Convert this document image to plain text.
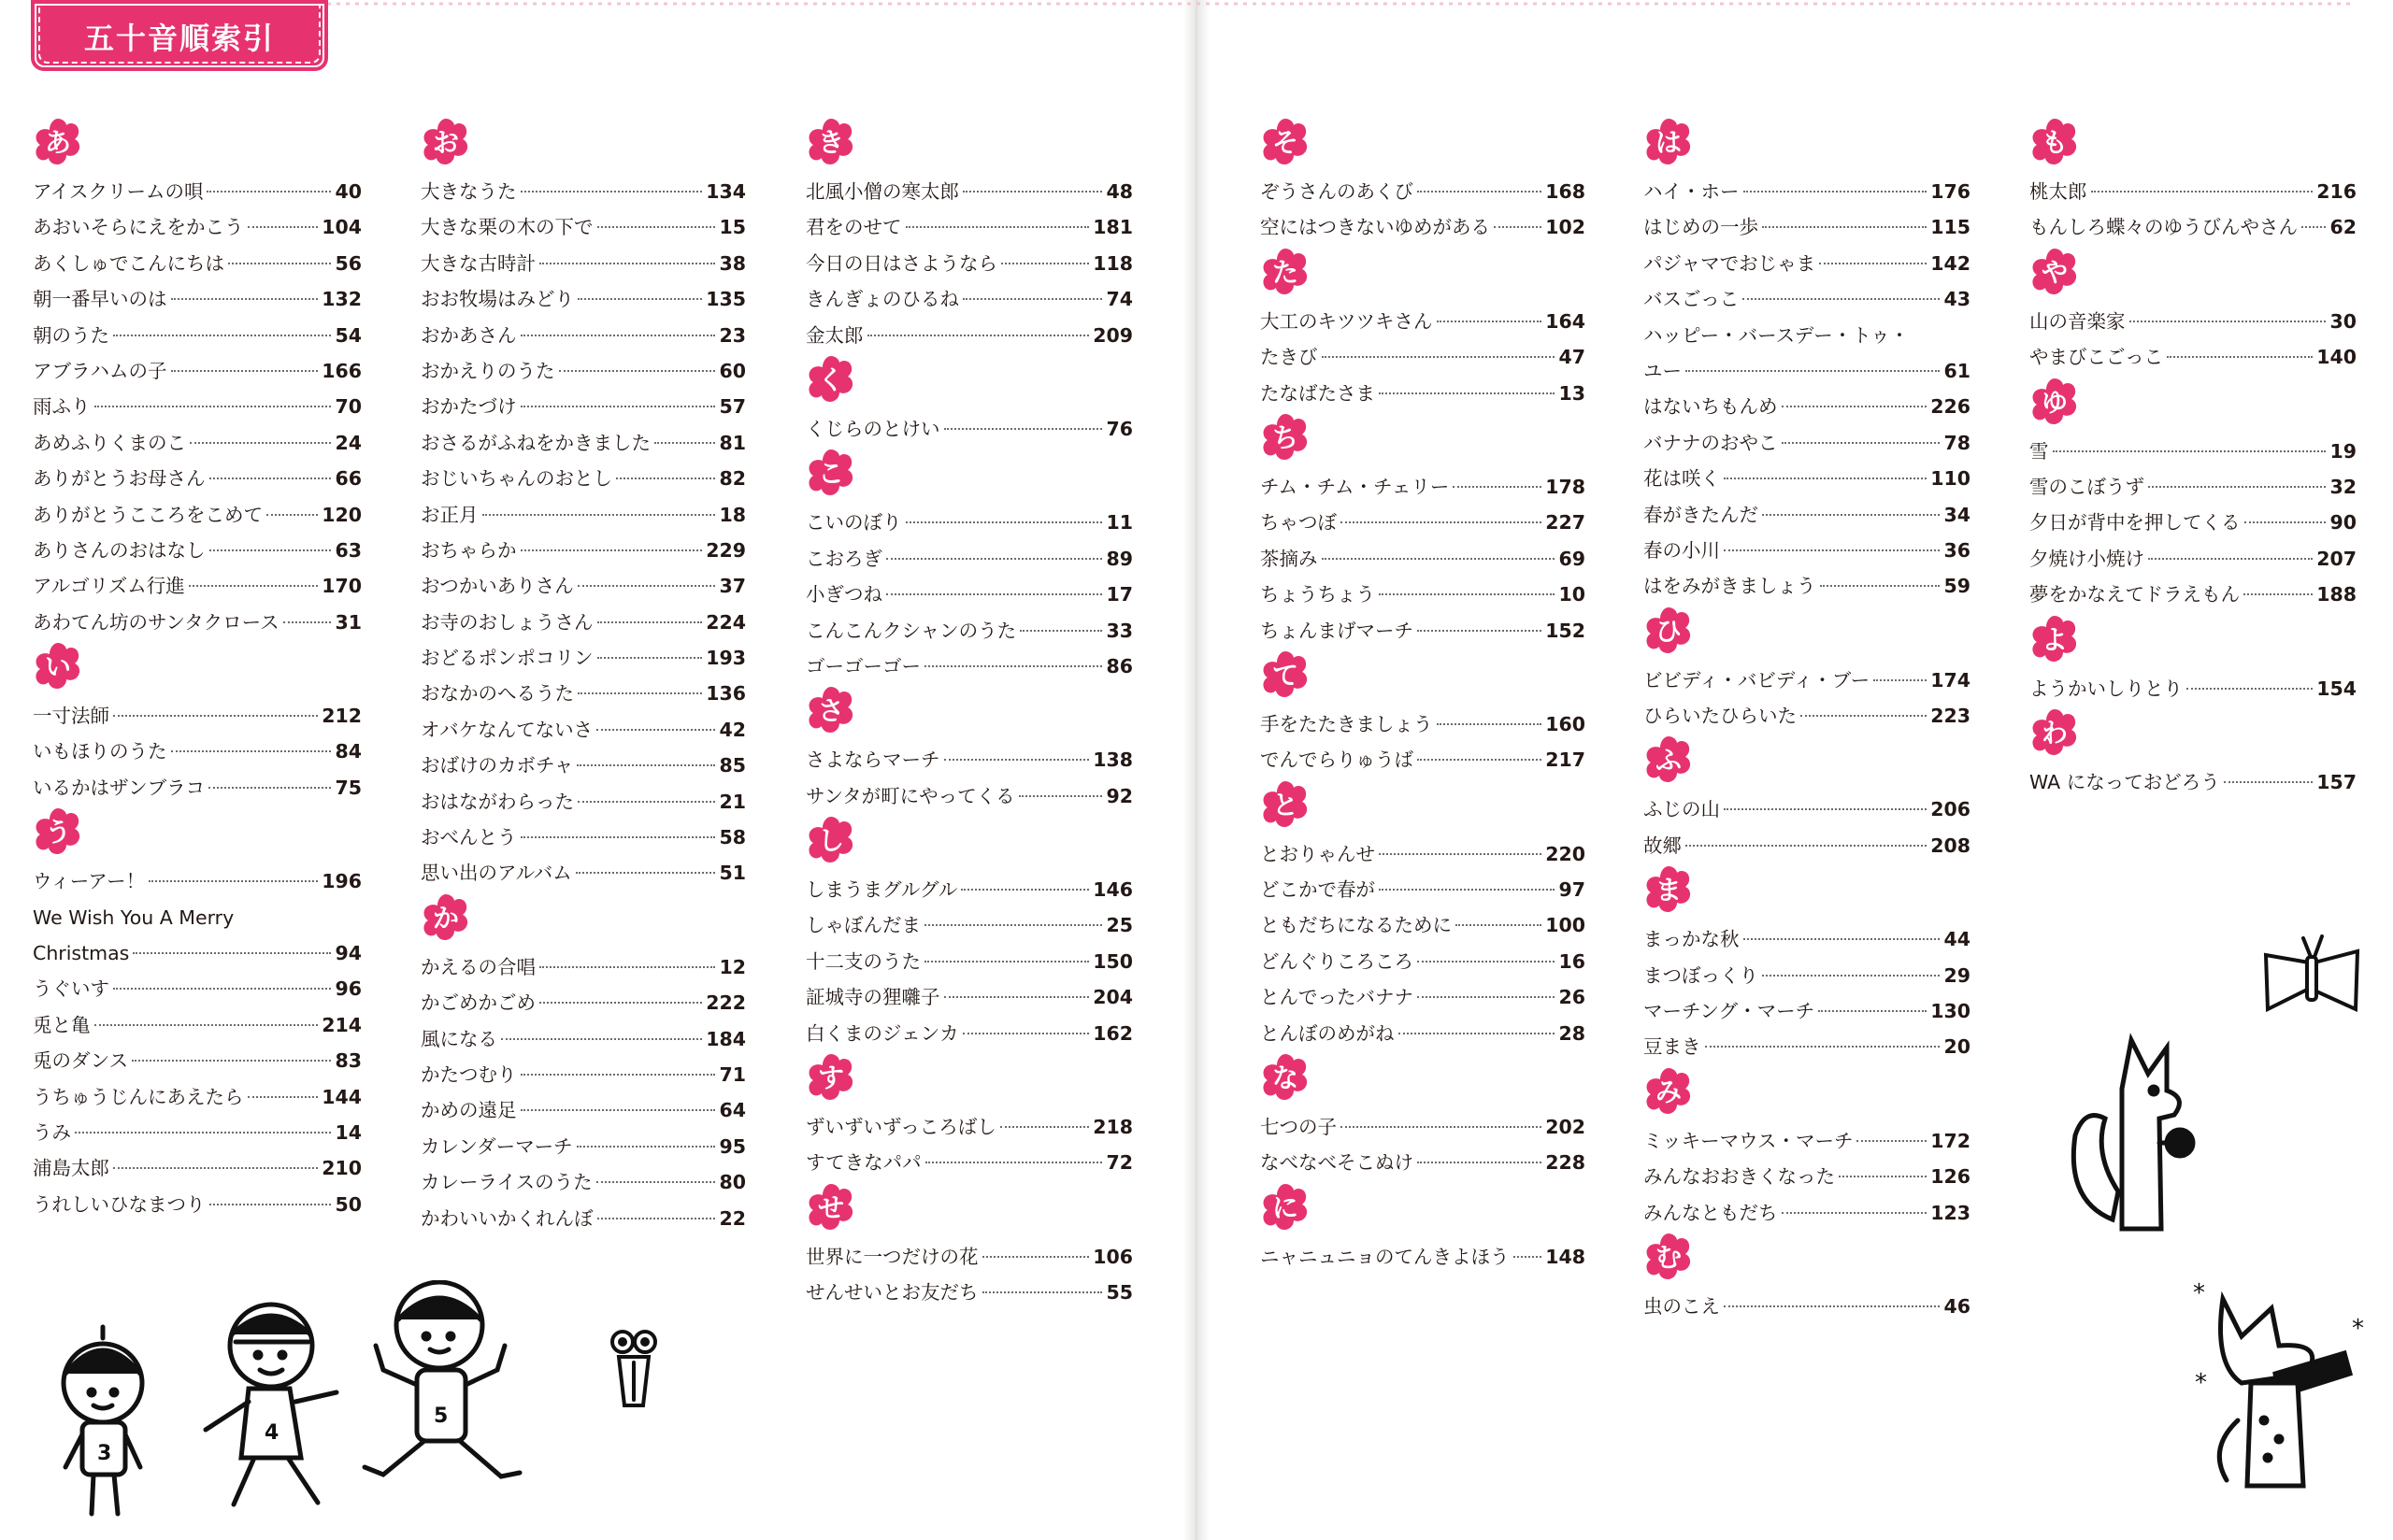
五十音順索引
あ
アイスクリームの唄	40
あおいそらにえをかこう	104
あくしゅでこんにちは	56
朝一番早いのは	132
朝のうた	54
アブラハムの子	166
雨ふり	70
あめふりくまのこ	24
ありがとうお母さん	66
ありがとうこころをこめて	120
ありさんのおはなし	63
アルゴリズム行進	170
あわてん坊のサンタクロース	31
い
一寸法師	212
いもほりのうた	84
いるかはザンブラコ	75
う
ウィーアー！	196
We Wish You A Merry
Christmas	94
うぐいす	96
兎と亀	214
兎のダンス	83
うちゅうじんにあえたら	144
うみ	14
浦島太郎	210
うれしいひなまつり	50
お
大きなうた	134
大きな栗の木の下で	15
大きな古時計	38
おお牧場はみどり	135
おかあさん	23
おかえりのうた	60
おかたづけ	57
おさるがふねをかきました	81
おじいちゃんのおとし	82
お正月	18
おちゃらか	229
おつかいありさん	37
お寺のおしょうさん	224
おどるポンポコリン	193
おなかのへるうた	136
オバケなんてないさ	42
おばけのカボチャ	85
おはながわらった	21
おべんとう	58
思い出のアルバム	51
か
かえるの合唱	12
かごめかごめ	222
風になる	184
かたつむり	71
かめの遠足	64
カレンダーマーチ	95
カレーライスのうた	80
かわいいかくれんぼ	22
き
北風小僧の寒太郎	48
君をのせて	181
今日の日はさようなら	118
きんぎょのひるね	74
金太郎	209
く
くじらのとけい	76
こ
こいのぼり	11
こおろぎ	89
小ぎつね	17
こんこんクシャンのうた	33
ゴーゴーゴー	86
さ
さよならマーチ	138
サンタが町にやってくる	92
し
しまうまグルグル	146
しゃぼんだま	25
十二支のうた	150
証城寺の狸囃子	204
白くまのジェンカ	162
す
ずいずいずっころばし	218
すてきなパパ	72
せ
世界に一つだけの花	106
せんせいとお友だち	55
そ
ぞうさんのあくび	168
空にはつきないゆめがある	102
た
大工のキツツキさん	164
たきび	47
たなばたさま	13
ち
チム・チム・チェリー	178
ちゃつぼ	227
茶摘み	69
ちょうちょう	10
ちょんまげマーチ	152
て
手をたたきましょう	160
でんでらりゅうば	217
と
とおりゃんせ	220
どこかで春が	97
ともだちになるために	100
どんぐりころころ	16
とんでったバナナ	26
とんぼのめがね	28
な
七つの子	202
なべなべそこぬけ	228
に
ニャニュニョのてんきよほう 148
は
ハイ・ホー	176
はじめの一歩	115
パジャマでおじゃま	142
バスごっこ	43
ハッピー・バースデー・トゥ・
ユー	61
はないちもんめ	226
バナナのおやこ	78
花は咲く	110
春がきたんだ	34
春の小川	36
はをみがきましょう	59
ひ
ビビディ・バビディ・ブー	174
ひらいたひらいた	223
ふ
ふじの山	206
故郷	208
ま
まっかな秋	44
まつぼっくり	29
マーチング・マーチ	130
豆まき	20
み
ミッキーマウス・マーチ	172
みんなおおきくなった	126
みんなともだち	123
む
虫のこえ	46
も
桃太郎	216
もんしろ蝶々のゆうびんやさん 62
や
山の音楽家	30
やまびこごっこ	140
ゆ
雪	19
雪のこぼうず	32
夕日が背中を押してくる	90
夕焼け小焼け	207
夢をかなえてドラえもん	188
よ
ようかいしりとり	154
わ
WA になっておどろう	157
3
4
5
*
*
*
